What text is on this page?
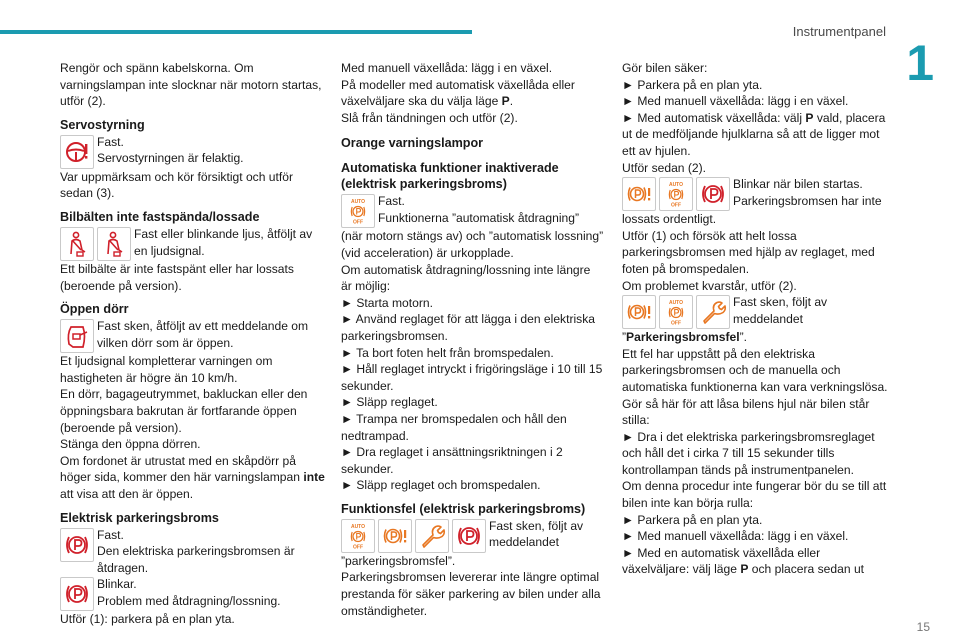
Instrumentpanel
1
15

Rengör och spänn kabelskorna. Om varningslampan inte slocknar när motorn startas, utför (2).

Servostyrning
Fast.
Servostyrningen är felaktig.

Var uppmärksam och kör försiktigt och utför sedan (3).

Bilbälten inte fastspända/lossade
Fast eller blinkande ljus, åtföljt av en ljudsignal.

Ett bilbälte är inte fastspänt eller har lossats (beroende på version).

Öppen dörr
Fast sken, åtföljt av ett meddelande om vilken dörr som är öppen.

Et ljudsignal kompletterar varningen om hastigheten är högre än 10 km/h.

En dörr, bagageutrymmet, bakluckan eller den öppningsbara bakrutan är fortfarande öppen (beroende på version).

Stänga den öppna dörren.

Om fordonet är utrustat med en skåpdörr på höger sida, kommer den här varningslampan inte att visa att den är öppen.

Elektrisk parkeringsbroms
Fast.
Den elektriska parkeringsbromsen är åtdragen.
Blinkar.
Problem med åtdragning/lossning.

Utför (1): parkera på en plan yta.

Med manuell växellåda: lägg i en växel.

På modeller med automatisk växellåda eller växelväljare ska du välja läge P.

Slå från tändningen och utför (2).

Orange varningslampor
Automatiska funktioner inaktiverade (elektrisk parkeringsbroms)
Fast.
Funktionerna ”automatisk åtdragning”

(när motorn stängs av) och ”automatisk lossning” (vid acceleration) är urkopplade.

Om automatisk åtdragning/lossning inte längre är möjlig:

► Starta motorn.

► Använd reglaget för att lägga i den elektriska parkeringsbromsen.

► Ta bort foten helt från bromspedalen.

► Håll reglaget intryckt i frigöringsläge i 10 till 15 sekunder.

► Släpp reglaget.

► Trampa ner bromspedalen och håll den nedtrampad.

► Dra reglaget i ansättningsriktningen i 2 sekunder.

► Släpp reglaget och bromspedalen.

Funktionsfel (elektrisk parkeringsbroms)
Fast sken, följt av meddelandet

”parkeringsbromsfel”.

Parkeringsbromsen levererar inte längre optimal prestanda för säker parkering av bilen under alla omständigheter.

Gör bilen säker:

► Parkera på en plan yta.

► Med manuell växellåda: lägg i en växel.

► Med automatisk växellåda: välj P vald, placera ut de medföljande hjulklarna så att de ligger mot ett av hjulen.

Utför sedan (2).

Blinkar när bilen startas. Parkeringsbromsen har inte

lossats ordentligt.

Utför (1) och försök att helt lossa parkeringsbromsen med hjälp av reglaget, med foten på bromspedalen.

Om problemet kvarstår, utför (2).

Fast sken, följt av meddelandet

”Parkeringsbromsfel”.

Ett fel har uppstått på den elektriska parkeringsbromsen och de manuella och automatiska funktionerna kan vara verkningslösa.

Gör så här för att låsa bilens hjul när bilen står stilla:

► Dra i det elektriska parkeringsbromsreglaget och håll det i cirka 7 till 15 sekunder tills kontrollampan tänds på instrumentpanelen.

Om denna procedur inte fungerar bör du se till att bilen inte kan börja rulla:

► Parkera på en plan yta.

► Med manuell växellåda: lägg i en växel.

► Med en automatisk växellåda eller växelväljare: välj läge P och placera sedan ut
